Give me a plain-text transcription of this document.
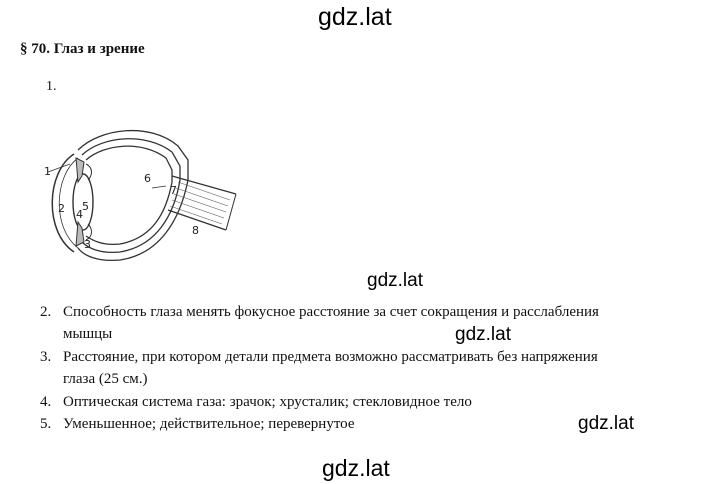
gdz.lat
§ 70. Глаз и зрение
1.
1
2 4
5
3
6
7
8
gdz.lat
2. Способность глаза менять фокусное расстояние за счет сокращения и расслабления
мышцы	gdz.lat
3. Расстояние, при котором детали предмета возможно рассматривать без напряжения
глаза (25 см.)
4. Оптическая система газа: зрачок; хрусталик; стекловидное тело
5. Уменьшенное; действительное; перевернутое	gdz.lat
gdz.lat
